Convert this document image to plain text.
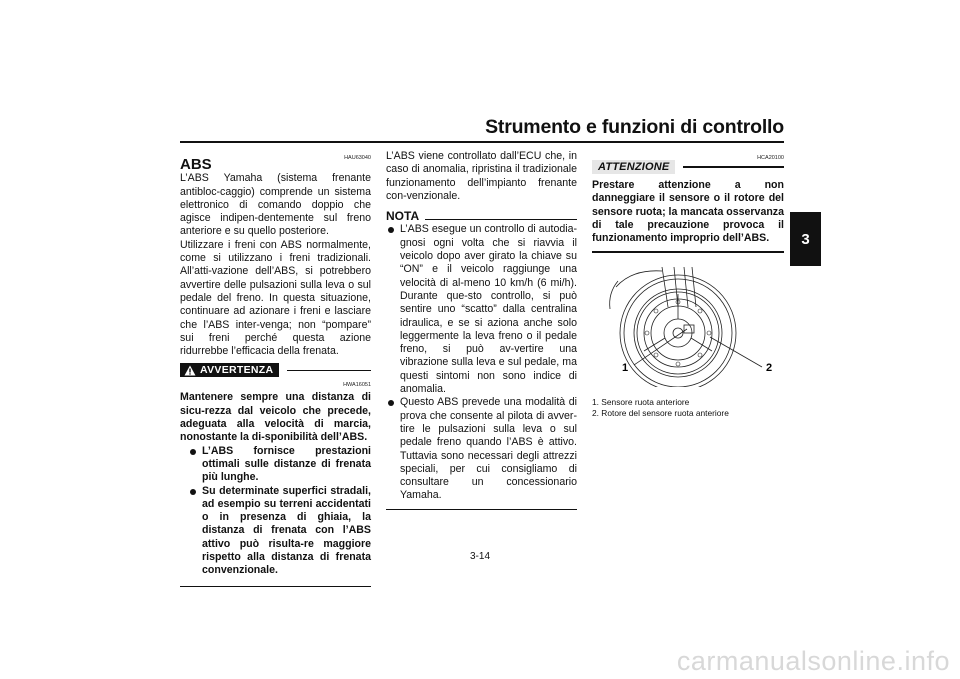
Strumento e funzioni di controllo
3
HAU63040
ABS

L’ABS Yamaha (sistema frenante antibloc-caggio) comprende un sistema elettronico di comando doppio che agisce indipen-dentemente sul freno anteriore e su quello posteriore.

Utilizzare i freni con ABS normalmente, come si utilizzano i freni tradizionali. All’atti-vazione dell’ABS, si potrebbero avvertire delle pulsazioni sulla leva o sul pedale del freno. In questa situazione, continuare ad azionare i freni e lasciare che l’ABS inter-venga; non “pompare” sui freni perché questa azione ridurrebbe l’efficacia della frenata.

AVVERTENZA
HWA16051
Mantenere sempre una distanza di sicu-rezza dal veicolo che precede, adeguata alla velocità di marcia, nonostante la di-sponibilità dell’ABS.
L’ABS fornisce prestazioni ottimali sulle distanze di frenata più lunghe.
Su determinate superfici stradali, ad esempio su terreni accidentati o in presenza di ghiaia, la distanza di frenata con l’ABS attivo può risulta-re maggiore rispetto alla distanza di frenata convenzionale.

L’ABS viene controllato dall’ECU che, in caso di anomalia, ripristina il tradizionale funzionamento dell’impianto frenante con-venzionale.

NOTA
L’ABS esegue un controllo di autodia-gnosi ogni volta che si riavvia il veicolo dopo aver girato la chiave su “ON” e il veicolo raggiunge una velocità di al-meno 10 km/h (6 mi/h). Durante que-sto controllo, si può sentire uno “scatto” dalla centralina idraulica, e se si aziona anche solo leggermente la leva freno o il pedale freno, si può av-vertire una vibrazione sulla leva e sul pedale, ma questi sintomi non sono indice di anomalia.
Questo ABS prevede una modalità di prova che consente al pilota di avver-tire le pulsazioni sulla leva o sul pedale freno quando l’ABS è attivo. Tuttavia sono necessari degli attrezzi speciali, per cui consigliamo di consultare un concessionario Yamaha.
HCA20100
ATTENZIONE
Prestare attenzione a non danneggiare il sensore o il rotore del sensore ruota; la mancata osservanza di tale precauzione provoca il funzionamento improprio dell’ABS.
1	2
1. Sensore ruota anteriore
2. Rotore del sensore ruota anteriore
3-14
carmanualsonline.info
